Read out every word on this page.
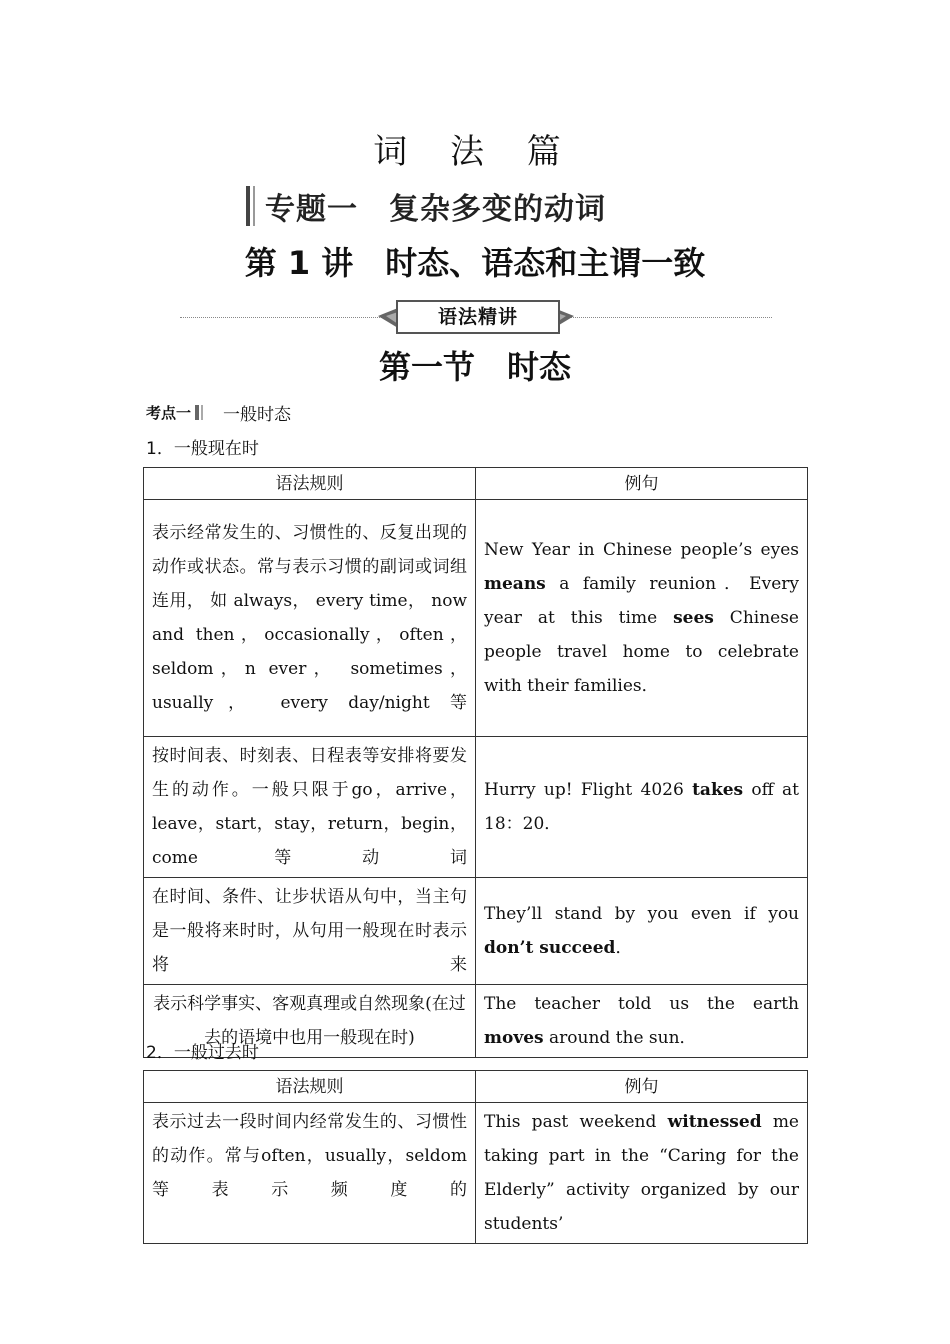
词 法 篇
专题一　复杂多变的动词
第 1 讲　时态、语态和主谓一致
语法精讲
第一节　时态
考点一 一般时态
1．一般现在时
语法规则	例句
表示经常发生的、习惯性的、反复出现的动作或状态。常与表示习惯的副词或词组连用， 如 always， every time， now and then，occasionally，often，seldom，n ever， sometimes， usually， every day/night 等	New Year in Chinese people’s eyes means a family reunion．Every year at this time sees Chinese people travel home to celebrate with their families．
按时间表、时刻表、日程表等安排将要发生的动作。一般只限于go，arrive，leave，start，stay，return，begin，come 等动词	Hurry up! Flight 4026 takes off at 18：20．
在时间、条件、让步状语从句中，当主句是一般将来时时，从句用一般现在时表示将来	They’ll stand by you even if you don’t succeed．
表示科学事实、客观真理或自然现象(在过去的语境中也用一般现在时)	The teacher told us the earth moves around the sun．
2．一般过去时
语法规则	例句
表示过去一段时间内经常发生的、习惯性的动作。常与often，usually，seldom 等表示频度的	This past weekend witnessed me taking part in the “Caring for the Elderly” activity organized by our students’
